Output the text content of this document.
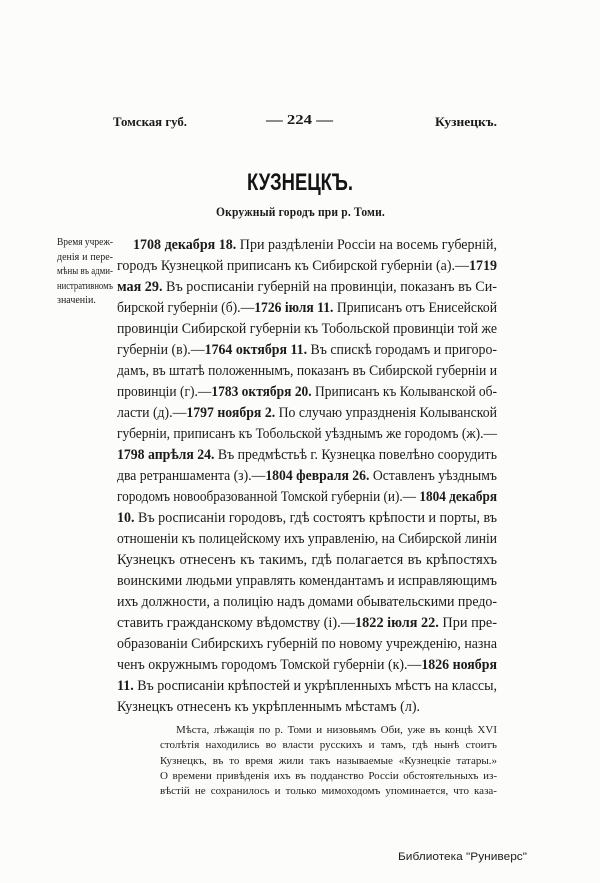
Томская губ.	— 224 —	Кузнецкъ.
КУЗНЕЦКЪ.
Окружный городъ при р. Томи.
Время учреж-
денія и пере-
мѣны въ адми-
нистративномъ
значеніи.
1708 декабря 18. При раздѣленіи Россіи на восемь губерній,
городъ Кузнецкой приписанъ къ Сибирской губерніи (а).—1719
мая 29. Въ росписаніи губерній на провинціи, показанъ въ Си-
бирской губерніи (б).—1726 іюля 11. Приписанъ отъ Енисейской
провинціи Сибирской губерніи къ Тобольской провинціи той же
губерніи (в).—1764 октября 11. Въ спискѣ городамъ и пригоро-
дамъ, въ штатѣ положеннымъ, показанъ въ Сибирской губерніи и
провинціи (г).—1783 октября 20. Приписанъ къ Колыванской об-
ласти (д).—1797 ноября 2. По случаю упраздненія Колыванской
губерніи, приписанъ къ Тобольской уѣзднымъ же городомъ (ж).—
1798 апрѣля 24. Въ предмѣстьѣ г. Кузнецка повелѣно соорудить
два ретраншамента (з).—1804 февраля 26. Оставленъ уѣзднымъ
городомъ новообразованной Томской губерніи (и).— 1804 декабря
10. Въ росписаніи городовъ, гдѣ состоятъ крѣпости и порты, въ
отношеніи къ полицейскому ихъ управленію, на Сибирской линіи
Кузнецкъ отнесенъ къ такимъ, гдѣ полагается въ крѣпостяхъ
воинскими людьми управлять комендантамъ и исправляющимъ
ихъ должности, а полицію надъ домами обывательскими предо-
ставить гражданскому вѣдомству (і).—1822 іюля 22. При пре-
образованіи Сибирскихъ губерній по новому учрежденію, назна
ченъ окружнымъ городомъ Томской губерніи (к).—1826 ноября
11. Въ росписаніи крѣпостей и укрѣпленныхъ мѣстъ на классы,
Кузнецкъ отнесенъ къ укрѣпленнымъ мѣстамъ (л).
Мѣста, лѣжащія по р. Томи и низовьямъ Оби, уже въ концѣ XVI
столѣтія находились во власти русскихъ и тамъ, гдѣ нынѣ стоитъ
Кузнецкъ, въ то время жили такъ называемые «Кузнецкіе татары.»
О времени привѣденія ихъ въ подданство Россіи обстоятельныхъ из-
вѣстій не сохранилось и только мимоходомъ упоминается, что каза-
Библиотека "Руниверс"
